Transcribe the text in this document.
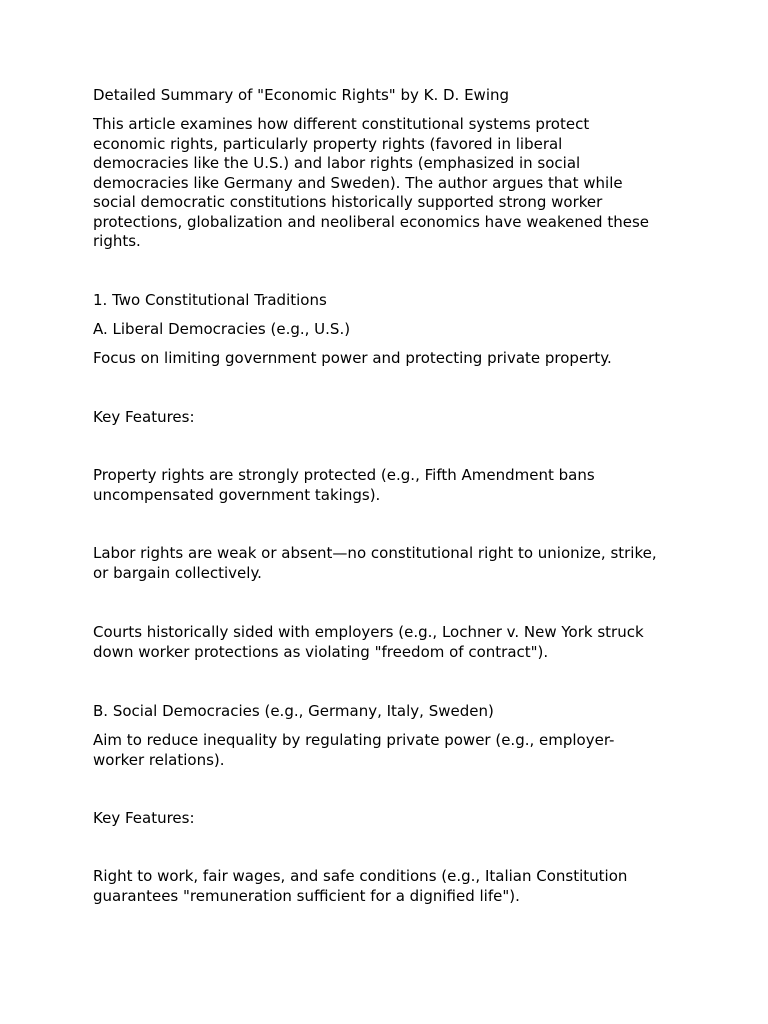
Detailed Summary of "Economic Rights" by K. D. Ewing

This article examines how different constitutional systems protect
economic rights, particularly property rights (favored in liberal
democracies like the U.S.) and labor rights (emphasized in social
democracies like Germany and Sweden). The author argues that while
social democratic constitutions historically supported strong worker
protections, globalization and neoliberal economics have weakened these
rights.

1. Two Constitutional Traditions

A. Liberal Democracies (e.g., U.S.)

Focus on limiting government power and protecting private property.

Key Features:

Property rights are strongly protected (e.g., Fifth Amendment bans
uncompensated government takings).

Labor rights are weak or absent—no constitutional right to unionize, strike,
or bargain collectively.

Courts historically sided with employers (e.g., Lochner v. New York struck
down worker protections as violating "freedom of contract").

B. Social Democracies (e.g., Germany, Italy, Sweden)

Aim to reduce inequality by regulating private power (e.g., employer-
worker relations).

Key Features:

Right to work, fair wages, and safe conditions (e.g., Italian Constitution
guarantees "remuneration sufficient for a dignified life").
